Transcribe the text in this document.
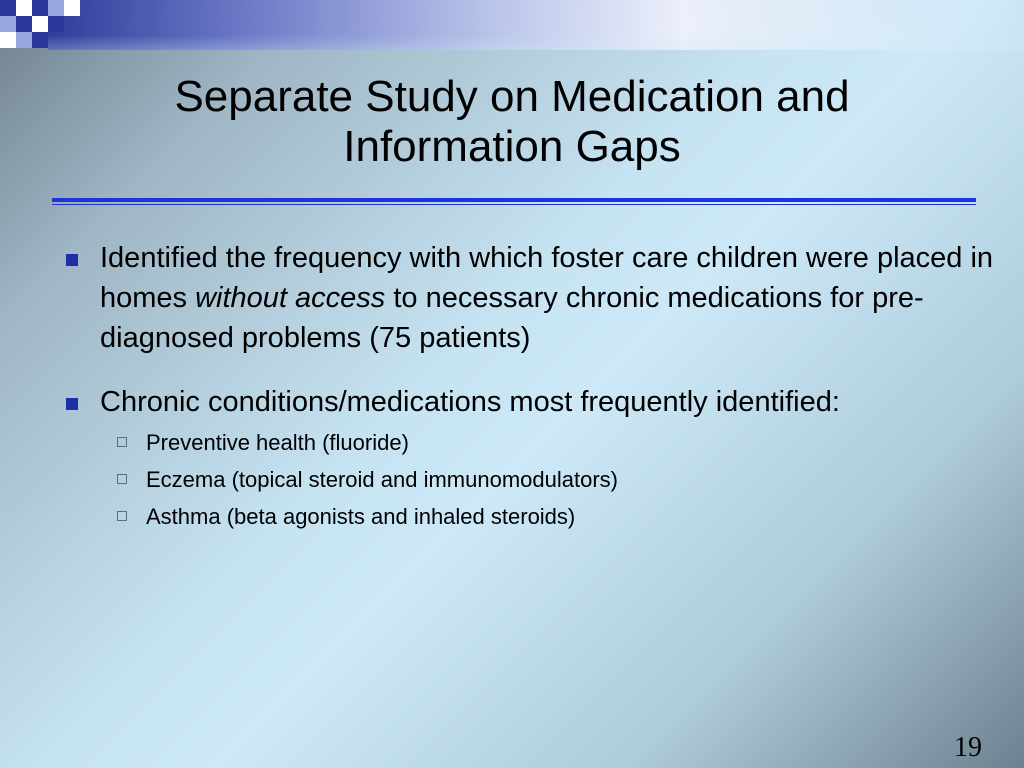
Separate Study on Medication and
Information Gaps
Identified the frequency with which foster care children were placed in homes without access to necessary chronic medications for pre-diagnosed problems (75 patients)
Chronic conditions/medications most frequently identified:
Preventive health (fluoride)
Eczema (topical steroid and immunomodulators)
Asthma (beta agonists and inhaled steroids)
19
